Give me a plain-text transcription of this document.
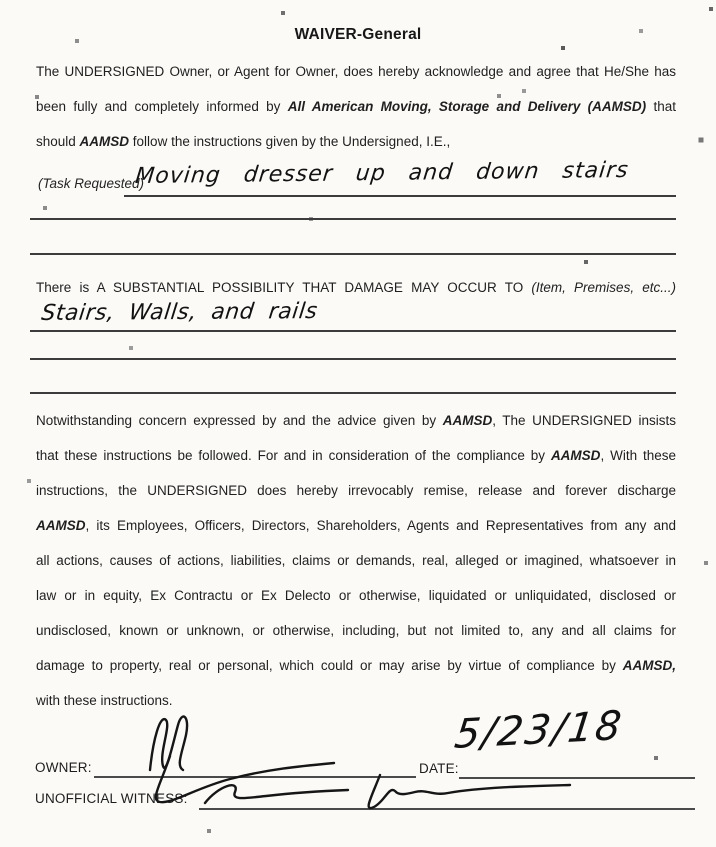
WAIVER-General
The UNDERSIGNED Owner, or Agent for Owner, does hereby acknowledge and agree that He/She has
been fully and completely informed by All American Moving, Storage and Delivery (AAMSD) that
should AAMSD follow the instructions given by the Undersigned, I.E.,
(Task Requested)
Moving dresser up and down stairs
There is A SUBSTANTIAL POSSIBILITY THAT DAMAGE MAY OCCUR TO (Item, Premises, etc...)
Stairs, Walls, and rails
Notwithstanding concern expressed by and the advice given by AAMSD, The UNDERSIGNED insists
that these instructions be followed. For and in consideration of the compliance by AAMSD, With these
instructions, the UNDERSIGNED does hereby irrevocably remise, release and forever discharge
AAMSD, its Employees, Officers, Directors, Shareholders, Agents and Representatives from any and
all actions, causes of actions, liabilities, claims or demands, real, alleged or imagined, whatsoever in
law or in equity, Ex Contractu or Ex Delecto or otherwise, liquidated or unliquidated, disclosed or
undisclosed, known or unknown, or otherwise, including, but not limited to, any and all claims for
damage to property, real or personal, which could or may arise by virtue of compliance by AAMSD,
with these instructions.
OWNER:	DATE:
5/23/18
UNOFFICIAL WITNESS:
